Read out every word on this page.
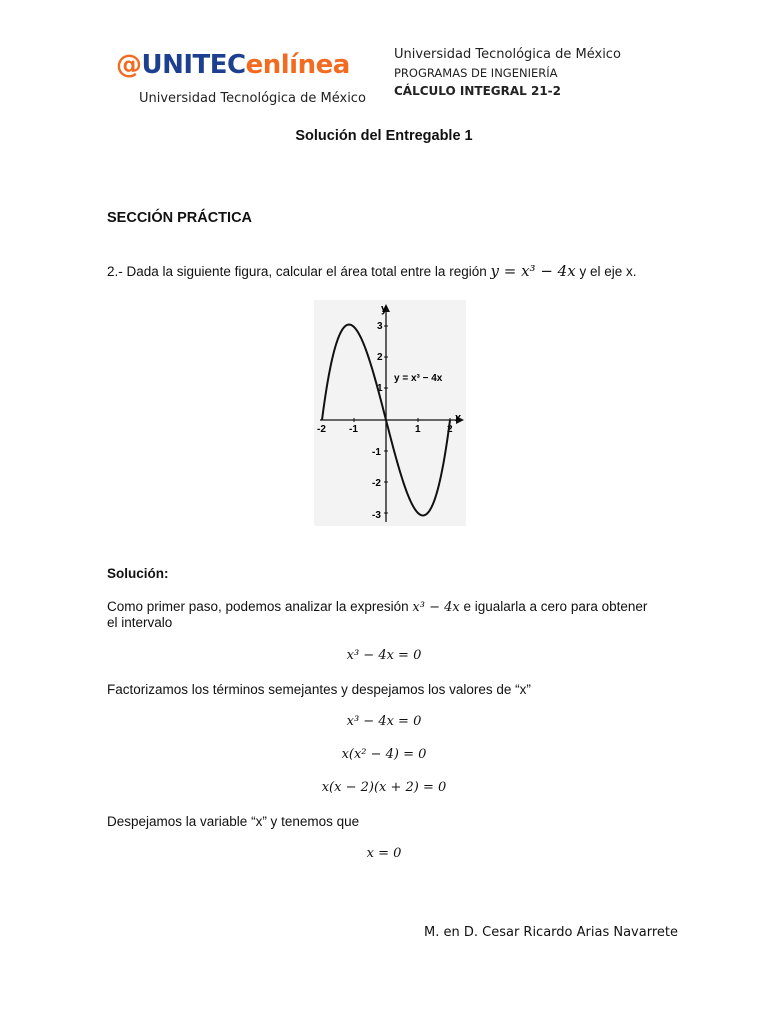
@UNITECenlínea
Universidad Tecnológica de México
Universidad Tecnológica de México
PROGRAMAS DE INGENIERÍA
CÁLCULO INTEGRAL 21-2
Solución del Entregable 1
SECCIÓN PRÁCTICA
2.- Dada la siguiente figura, calcular el área total entre la región y = x³ − 4x y el eje x.
x
y
-2 -1	1	2
3
2
1
-1
-2
-3
y = x³ − 4x
Solución:
Como primer paso, podemos analizar la expresión x³ − 4x e igualarla a cero para obtener
el intervalo
x³ − 4x = 0
Factorizamos los términos semejantes y despejamos los valores de “x”
x³ − 4x = 0
x(x² − 4) = 0
x(x − 2)(x + 2) = 0
Despejamos la variable “x” y tenemos que
x = 0
M. en D. Cesar Ricardo Arias Navarrete
